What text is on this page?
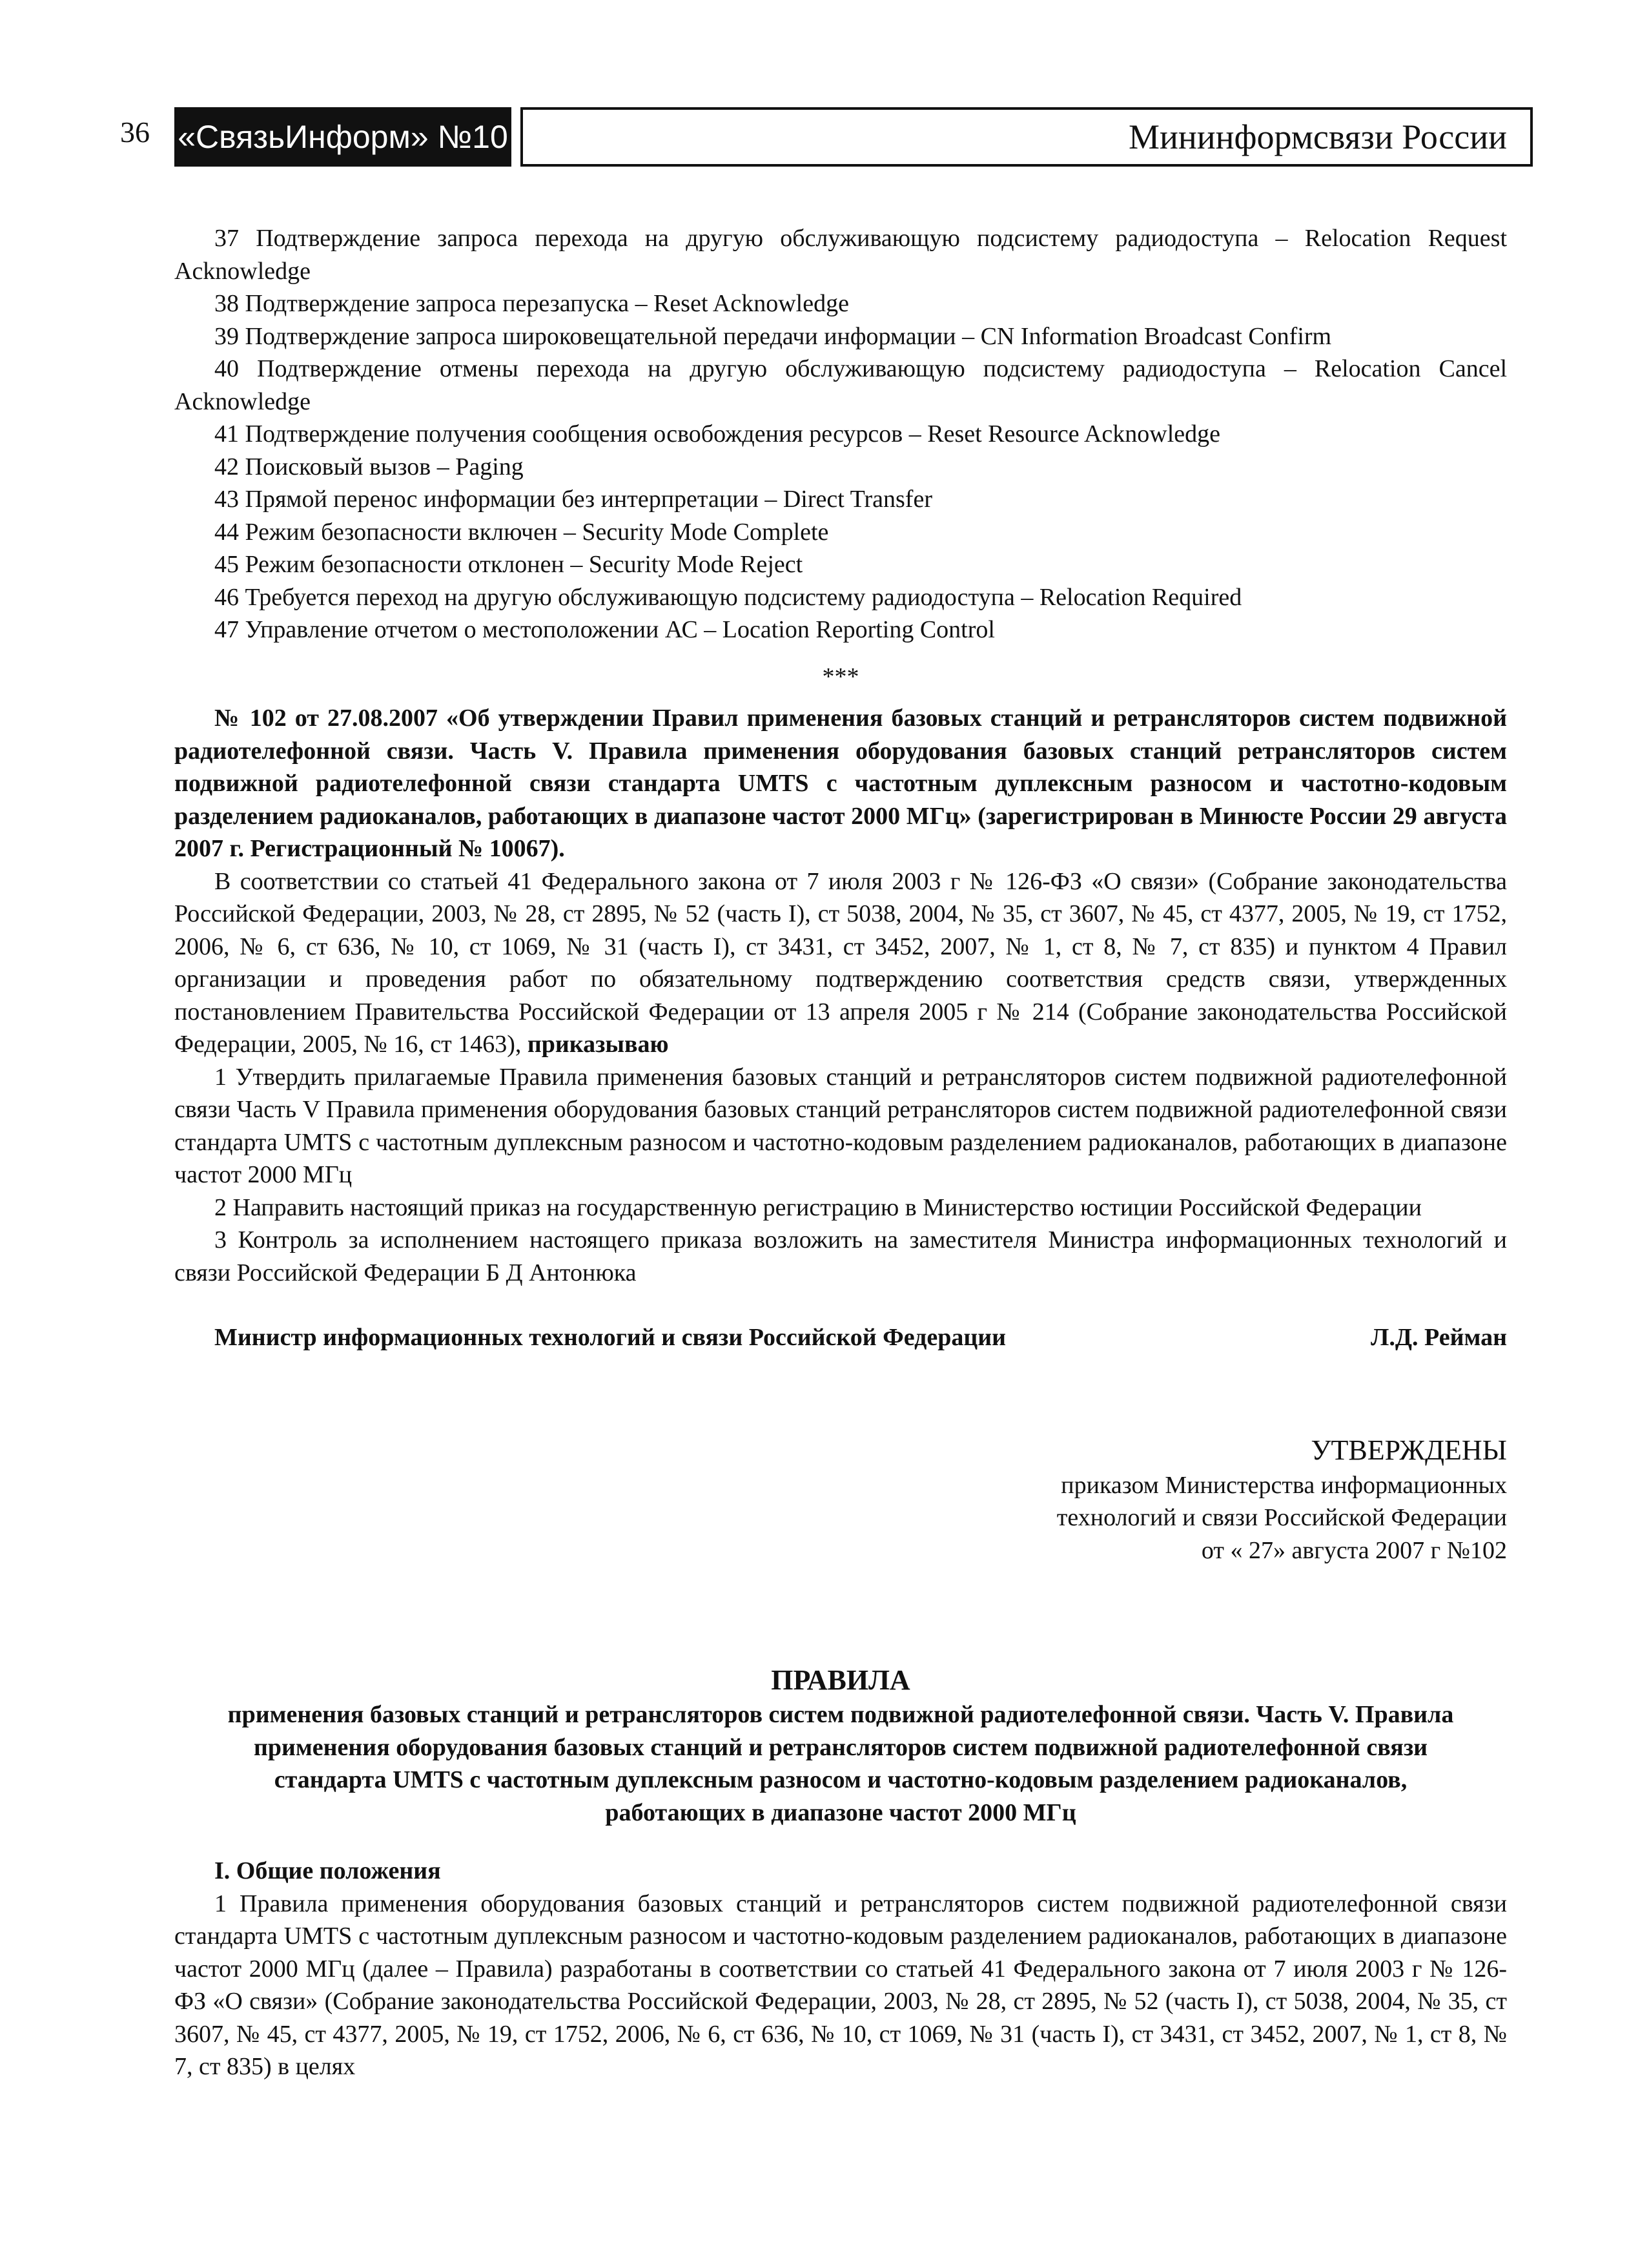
36 «СвязьИнформ» №10	Мининформсвязи России

37 Подтверждение запроса перехода на другую обслуживающую подсистему радиодоступа – Relocation Request Acknowledge

38 Подтверждение запроса перезапуска – Reset Acknowledge

39 Подтверждение запроса широковещательной передачи информации – CN Information Broadcast Confirm

40 Подтверждение отмены перехода на другую обслуживающую подсистему радиодоступа – Relocation Cancel Acknowledge

41 Подтверждение получения сообщения освобождения ресурсов – Reset Resource Acknowledge

42 Поисковый вызов – Paging

43 Прямой перенос информации без интерпретации – Direct Transfer

44 Режим безопасности включен – Security Mode Complete

45 Режим безопасности отклонен – Security Mode Reject

46 Требуется переход на другую обслуживающую подсистему радиодоступа – Relocation Required

47 Управление отчетом о местоположении АС – Location Reporting Control

***

№ 102 от 27.08.2007 «Об утверждении Правил применения базовых станций и ретрансляторов систем подвижной радиотелефонной связи. Часть V. Правила применения оборудования базовых станций ретрансляторов систем подвижной радиотелефонной связи стандарта UMTS с частотным дуплексным разносом и частотно-кодовым разделением радиоканалов, работающих в диапазоне частот 2000 МГц» (зарегистрирован в Минюсте России 29 августа 2007 г. Регистрационный № 10067).

В соответствии со статьей 41 Федерального закона от 7 июля 2003 г № 126-ФЗ «О связи» (Собрание законодательства Российской Федерации, 2003, № 28, ст 2895, № 52 (часть I), ст 5038, 2004, № 35, ст 3607, № 45, ст 4377, 2005, № 19, ст 1752, 2006, № 6, ст 636, № 10, ст 1069, № 31 (часть I), ст 3431, ст 3452, 2007, № 1, ст 8, № 7, ст 835) и пунктом 4 Правил организации и проведения работ по обязательному подтверждению соответствия средств связи, утвержденных постановлением Правительства Российской Федерации от 13 апреля 2005 г № 214 (Собрание законодательства Российской Федерации, 2005, № 16, ст 1463), приказываю

1 Утвердить прилагаемые Правила применения базовых станций и ретрансляторов систем подвижной радиотелефонной связи Часть V Правила применения оборудования базовых станций ретрансляторов систем подвижной радиотелефонной связи стандарта UMTS с частотным дуплексным разносом и частотно-кодовым разделением радиоканалов, работающих в диапазоне частот 2000 МГц

2 Направить настоящий приказ на государственную регистрацию в Министерство юстиции Российской Федерации

3 Контроль за исполнением настоящего приказа возложить на заместителя Министра информационных технологий и связи Российской Федерации Б Д Антонюка

Министр информационных технологий и связи Российской Федерации	Л.Д. Рейман
УТВЕРЖДЕНЫ
приказом Министерства информационных
технологий и связи Российской Федерации
от « 27» августа 2007 г №102
ПРАВИЛА
применения базовых станций и ретрансляторов систем подвижной радиотелефонной связи. Часть V. Правила применения оборудования базовых станций и ретрансляторов систем подвижной радиотелефонной связи стандарта UMTS с частотным дуплексным разносом и частотно-кодовым разделением радиоканалов, работающих в диапазоне частот 2000 МГц
I. Общие положения

1 Правила применения оборудования базовых станций и ретрансляторов систем подвижной радиотелефонной связи стандарта UMTS с частотным дуплексным разносом и частотно-кодовым разделением радиоканалов, работающих в диапазоне частот 2000 МГц (далее – Правила) разработаны в соответствии со статьей 41 Федерального закона от 7 июля 2003 г № 126-ФЗ «О связи» (Собрание законодательства Российской Федерации, 2003, № 28, ст 2895, № 52 (часть I), ст 5038, 2004, № 35, ст 3607, № 45, ст 4377, 2005, № 19, ст 1752, 2006, № 6, ст 636, № 10, ст 1069, № 31 (часть I), ст 3431, ст 3452, 2007, № 1, ст 8, № 7, ст 835) в целях
